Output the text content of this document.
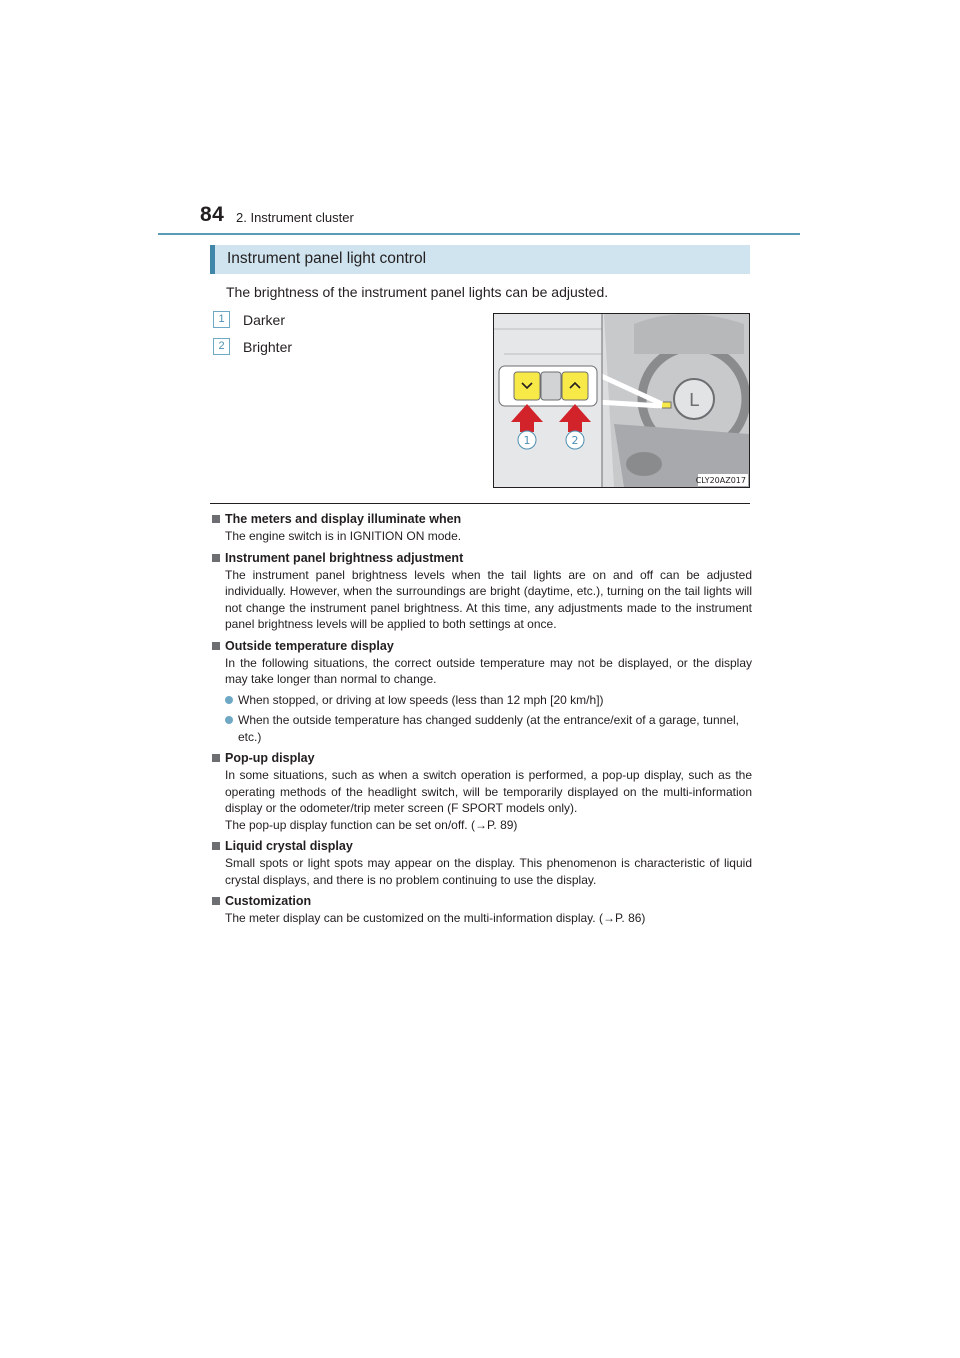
84 2. Instrument cluster
Instrument panel light control
The brightness of the instrument panel lights can be adjusted.
1	Darker
2	Brighter
L
1	2
CLY20AZ017
The meters and display illuminate when
The engine switch is in IGNITION ON mode.
Instrument panel brightness adjustment
The instrument panel brightness levels when the tail lights are on and off can be adjusted individually. However, when the surroundings are bright (daytime, etc.), turning on the tail lights will not change the instrument panel brightness. At this time, any adjustments made to the instrument panel brightness levels will be applied to both settings at once.
Outside temperature display
In the following situations, the correct outside temperature may not be displayed, or the display may take longer than normal to change.
When stopped, or driving at low speeds (less than 12 mph [20 km/h])
When the outside temperature has changed suddenly (at the entrance/exit of a garage, tunnel, etc.)
Pop-up display
In some situations, such as when a switch operation is performed, a pop-up display, such as the operating methods of the headlight switch, will be temporarily displayed on the multi-information display or the odometer/trip meter screen (F SPORT models only).
The pop-up display function can be set on/off. (→P. 89)
Liquid crystal display
Small spots or light spots may appear on the display. This phenomenon is characteristic of liquid crystal displays, and there is no problem continuing to use the display.
Customization
The meter display can be customized on the multi-information display. (→P. 86)
